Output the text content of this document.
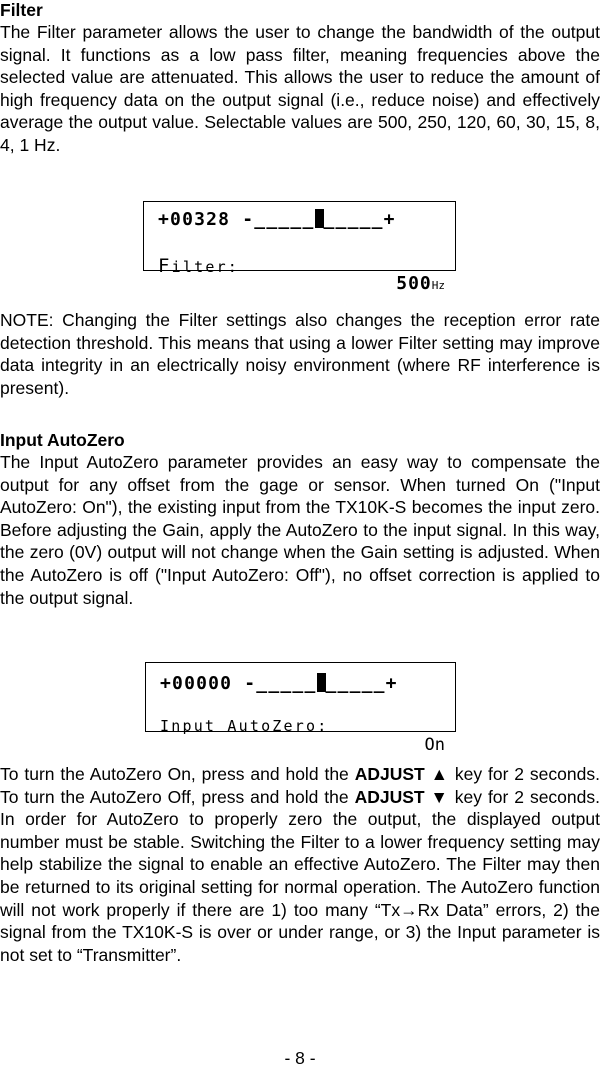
Filter

The Filter parameter allows the user to change the bandwidth of the output signal. It functions as a low pass filter, meaning frequencies above the selected value are attenuated. This allows the user to reduce the amount of high frequency data on the output signal (i.e., reduce noise) and effectively average the output value. Selectable values are 500, 250, 120, 60, 30, 15, 8, 4, 1 Hz.

+00328 -_____ _____+

Filter:

500Hz

NOTE: Changing the Filter settings also changes the reception error rate detection threshold. This means that using a lower Filter setting may improve data integrity in an electrically noisy environment (where RF interference is present).

Input AutoZero

The Input AutoZero parameter provides an easy way to compensate the output for any offset from the gage or sensor. When turned On ("Input AutoZero: On"), the existing input from the TX10K-S becomes the input zero. Before adjusting the Gain, apply the AutoZero to the input signal. In this way, the zero (0V) output will not change when the Gain setting is adjusted. When the AutoZero is off ("Input AutoZero: Off"), no offset correction is applied to the output signal.

+00000 -_____ _____+

Input AutoZero:

On

To turn the AutoZero On, press and hold the ADJUST ▲ key for 2 seconds. To turn the AutoZero Off, press and hold the ADJUST ▼ key for 2 seconds. In order for AutoZero to properly zero the output, the displayed output number must be stable. Switching the Filter to a lower frequency setting may help stabilize the signal to enable an effective AutoZero. The Filter may then be returned to its original setting for normal operation. The AutoZero function will not work properly if there are 1) too many “Tx→Rx Data” errors, 2) the signal from the TX10K-S is over or under range, or 3) the Input parameter is not set to “Transmitter”.

- 8 -
